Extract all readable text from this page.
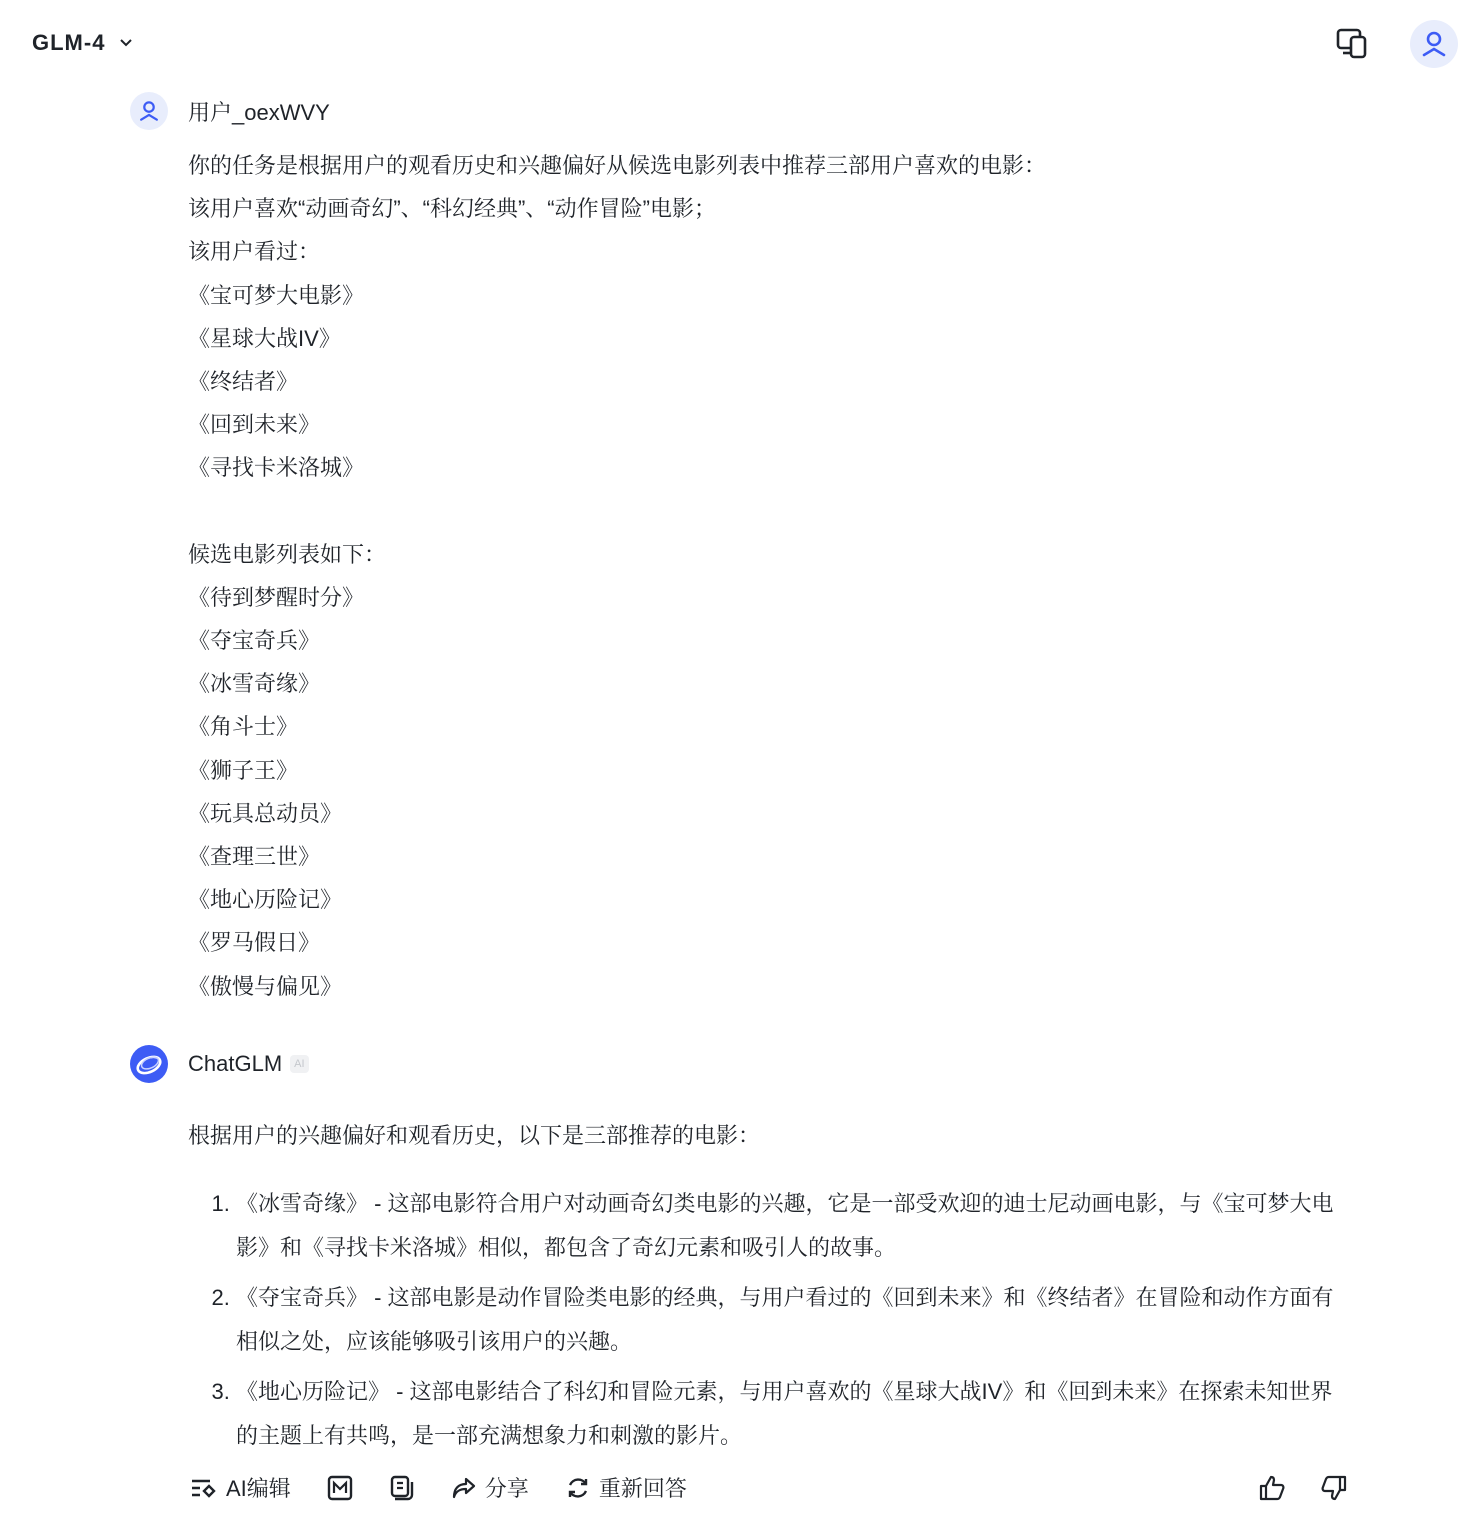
GLM-4
用户_oexWVY
你的任务是根据用户的观看历史和兴趣偏好从候选电影列表中推荐三部用户喜欢的电影：
该用户喜欢“动画奇幻”、“科幻经典”、“动作冒险”电影；
该用户看过：
《宝可梦大电影》
《星球大战IV》
《终结者》
《回到未来》
《寻找卡米洛城》
候选电影列表如下：
《待到梦醒时分》
《夺宝奇兵》
《冰雪奇缘》
《角斗士》
《狮子王》
《玩具总动员》
《查理三世》
《地心历险记》
《罗马假日》
《傲慢与偏见》
ChatGLM	AI

根据用户的兴趣偏好和观看历史，以下是三部推荐的电影：

1. 《冰雪奇缘》 - 这部电影符合用户对动画奇幻类电影的兴趣，它是一部受欢迎的迪士尼动画电影，与《宝可梦大电影》和《寻找卡米洛城》相似，都包含了奇幻元素和吸引人的故事。
2. 《夺宝奇兵》 - 这部电影是动作冒险类电影的经典，与用户看过的《回到未来》和《终结者》在冒险和动作方面有相似之处，应该能够吸引该用户的兴趣。
3. 《地心历险记》 - 这部电影结合了科幻和冒险元素，与用户喜欢的《星球大战IV》和《回到未来》在探索未知世界的主题上有共鸣，是一部充满想象力和刺激的影片。
AI编辑	分享	重新回答
